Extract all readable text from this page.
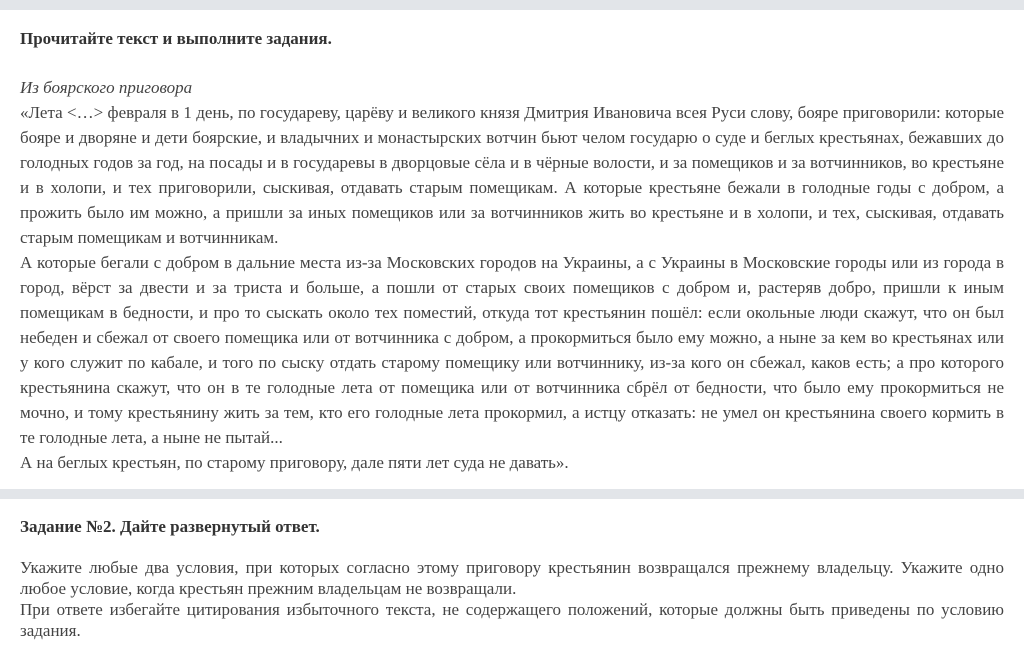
Прочитайте текст и выполните задания.
Из боярского приговора

«Лета <…> февраля в 1 день, по государеву, царёву и великого князя Дмитрия Ивановича всея Руси слову, бояре приговорили: которые бояре и дворяне и дети боярские, и владычних и монастырских вотчин бьют челом государю о суде и беглых крестьянах, бежавших до голодных годов за год, на посады и в государевы в дворцовые сёла и в чёрные волости, и за помещиков и за вотчинников, во крестьяне и в холопи, и тех приговорили, сыскивая, отдавать старым помещикам. А которые крестьяне бежали в голодные годы с добром, а прожить было им можно, а пришли за иных помещиков или за вотчинников жить во крестьяне и в холопи, и тех, сыскивая, отдавать старым помещикам и вотчинникам.

А которые бегали с добром в дальние места из-за Московских городов на Украины, а с Украины в Московские городы или из города в город, вёрст за двести и за триста и больше, а пошли от старых своих помещиков с добром и, растеряв добро, пришли к иным помещикам в бедности, и про то сыскать около тех поместий, откуда тот крестьянин пошёл: если окольные люди скажут, что он был небеден и сбежал от своего помещика или от вотчинника с добром, а прокормиться было ему можно, а ныне за кем во крестьянах или у кого служит по кабале, и того по сыску отдать старому помещику или вотчиннику, из-за кого он сбежал, каков есть; а про которого крестьянина скажут, что он в те голодные лета от помещика или от вотчинника сбрёл от бедности, что было ему прокормиться не мочно, и тому крестьянину жить за тем, кто его голодные лета прокормил, а истцу отказать: не умел он крестьянина своего кормить в те голодные лета, а ныне не пытай...

А на беглых крестьян, по старому приговору, дале пяти лет суда не давать».

Задание №2. Дайте развернутый ответ.

Укажите любые два условия, при которых согласно этому приговору крестьянин возвращался прежнему владельцу. Укажите одно любое условие, когда крестьян прежним владельцам не возвращали.

При ответе избегайте цитирования избыточного текста, не содержащего положений, которые должны быть приведены по условию задания.
